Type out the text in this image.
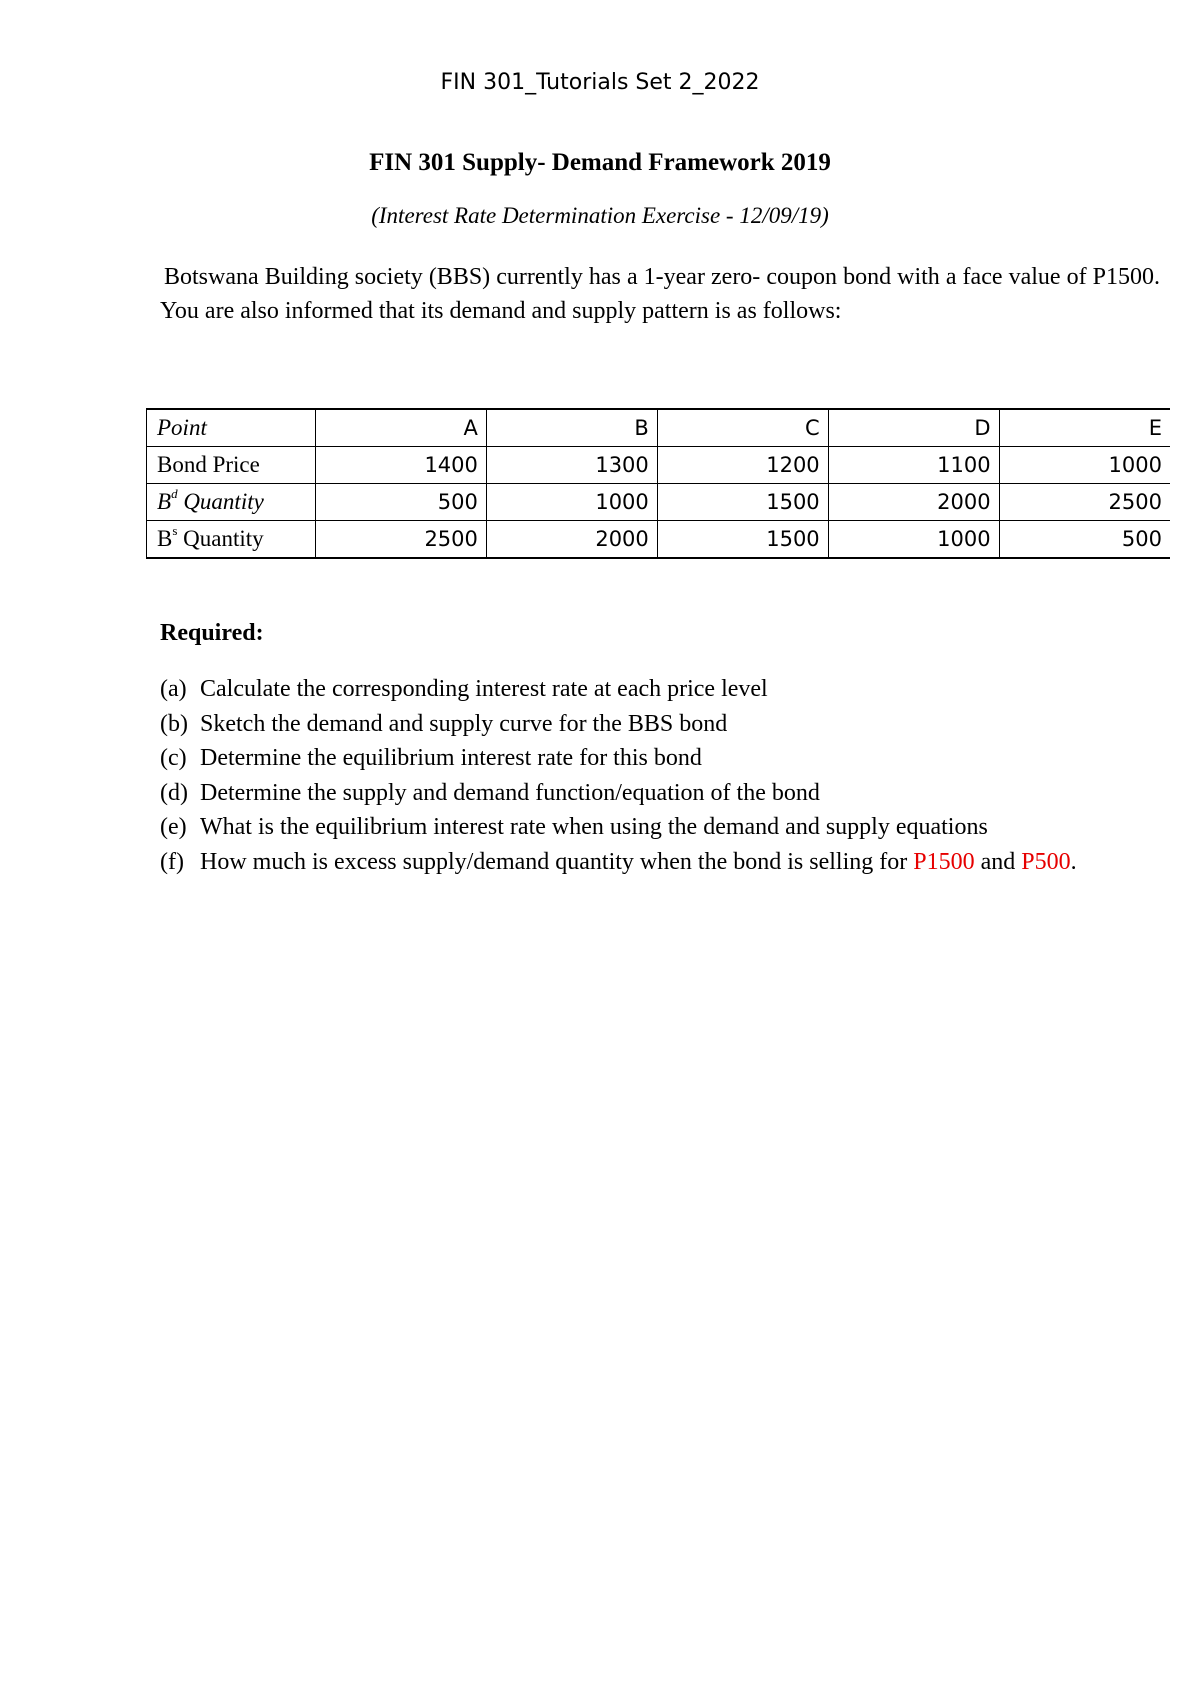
FIN 301_Tutorials Set 2_2022
FIN 301 Supply- Demand Framework 2019
(Interest Rate Determination Exercise - 12/09/19)
Botswana Building society (BBS) currently has a 1-year zero- coupon bond with a face value of P1500. You are also informed that its demand and supply pattern is as follows:
Point	A	B	C	D	E
Bond Price	1400	1300	1200	1100	1000
$B^d$ Quantity	500	1000	1500	2000	2500
$B^s$ Quantity	2500	2000	1500	1000	500
Required:
(a) Calculate the corresponding interest rate at each price level
(b) Sketch the demand and supply curve for the BBS bond
(c) Determine the equilibrium interest rate for this bond
(d) Determine the supply and demand function/equation of the bond
(e) What is the equilibrium interest rate when using the demand and supply equations
(f) How much is excess supply/demand quantity when the bond is selling for P1500 and P500.
